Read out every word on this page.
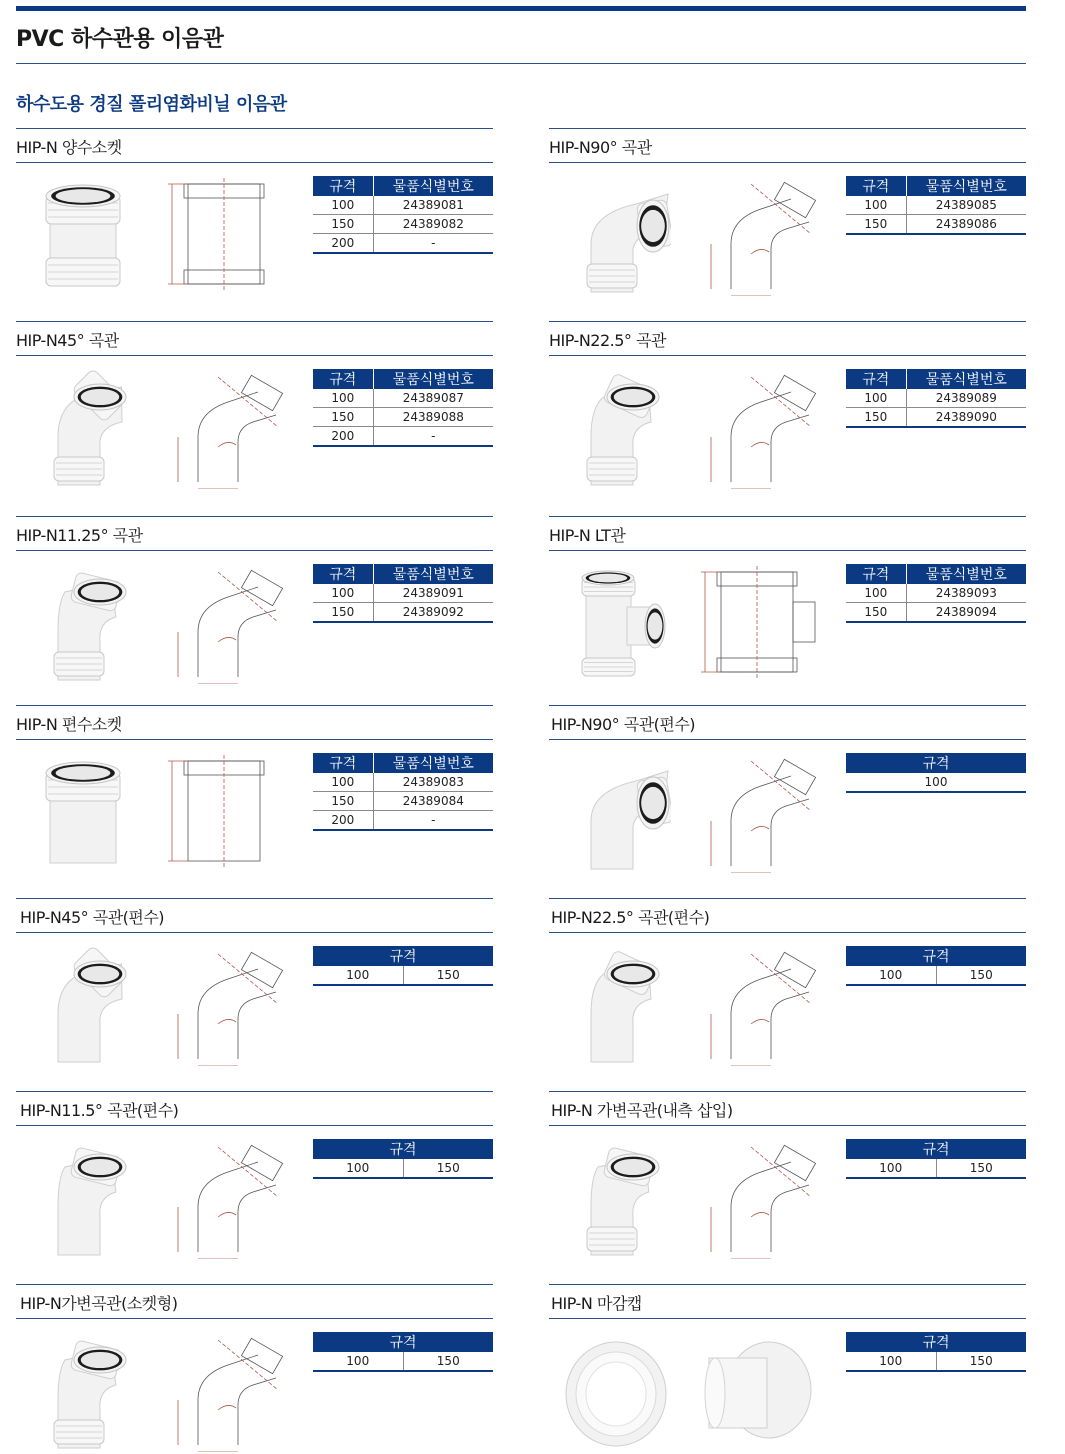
PVC 하수관용 이음관
하수도용 경질 폴리염화비닐 이음관
HIP-N 양수소켓
규격	물품식별번호
100	24389081
150	24389082
200	-
HIP-N90° 곡관
규격	물품식별번호
100	24389085
150	24389086
HIP-N45° 곡관
규격	물품식별번호
100	24389087
150	24389088
200	-
HIP-N22.5° 곡관
규격	물품식별번호
100	24389089
150	24389090
HIP-N11.25° 곡관
규격	물품식별번호
100	24389091
150	24389092
HIP-N LT관
규격	물품식별번호
100	24389093
150	24389094
HIP-N 편수소켓
규격	물품식별번호
100	24389083
150	24389084
200	-
HIP-N90° 곡관(편수)
규격
100
HIP-N45° 곡관(편수)
규격
100	150
HIP-N22.5° 곡관(편수)
규격
100	150
HIP-N11.5° 곡관(편수)
규격
100	150
HIP-N 가변곡관(내측 삽입)
규격
100	150
HIP-N가변곡관(소켓형)
규격
100	150
HIP-N 마감캡
규격
100	150
